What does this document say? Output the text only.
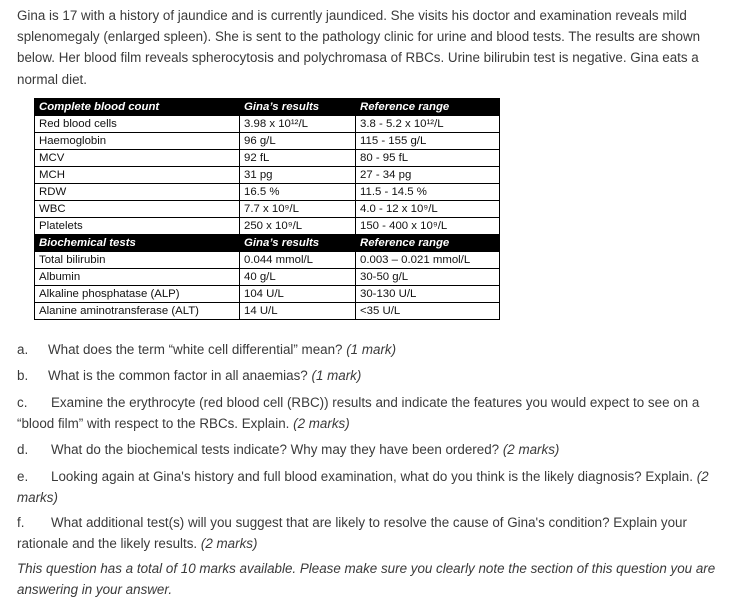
Gina is 17 with a history of jaundice and is currently jaundiced. She visits his doctor and examination reveals mild splenomegaly (enlarged spleen). She is sent to the pathology clinic for urine and blood tests. The results are shown below. Her blood film reveals spherocytosis and polychromasa of RBCs. Urine bilirubin test is negative. Gina eats a normal diet.

Complete blood count	Gina’s results	Reference range
Red blood cells	3.98 x 10¹²/L	3.8 - 5.2 x 10¹²/L
Haemoglobin	96 g/L	115 - 155 g/L
MCV	92 fL	80 - 95 fL
MCH	31 pg	27 - 34 pg
RDW	16.5 %	11.5 - 14.5 %
WBC	7.7 x 10⁹/L	4.0 - 12 x 10⁹/L
Platelets	250 x 10⁹/L	150 - 400 x 10⁹/L
Biochemical tests	Gina’s results	Reference range
Total bilirubin	0.044 mmol/L	0.003 – 0.021 mmol/L
Albumin	40 g/L	30-50 g/L
Alkaline phosphatase (ALP)	104 U/L	30-130 U/L
Alanine aminotransferase (ALT)	14 U/L	<35 U/L

a. What does the term “white cell differential” mean? (1 mark)

b. What is the common factor in all anaemias? (1 mark)

c. Examine the erythrocyte (red blood cell (RBC)) results and indicate the features you would expect to see on a “blood film” with respect to the RBCs. Explain. (2 marks)

d. What do the biochemical tests indicate? Why may they have been ordered? (2 marks)

e. Looking again at Gina's history and full blood examination, what do you think is the likely diagnosis? Explain. (2 marks)

f. What additional test(s) will you suggest that are likely to resolve the cause of Gina's condition? Explain your rationale and the likely results. (2 marks)

This question has a total of 10 marks available. Please make sure you clearly note the section of this question you are answering in your answer.
